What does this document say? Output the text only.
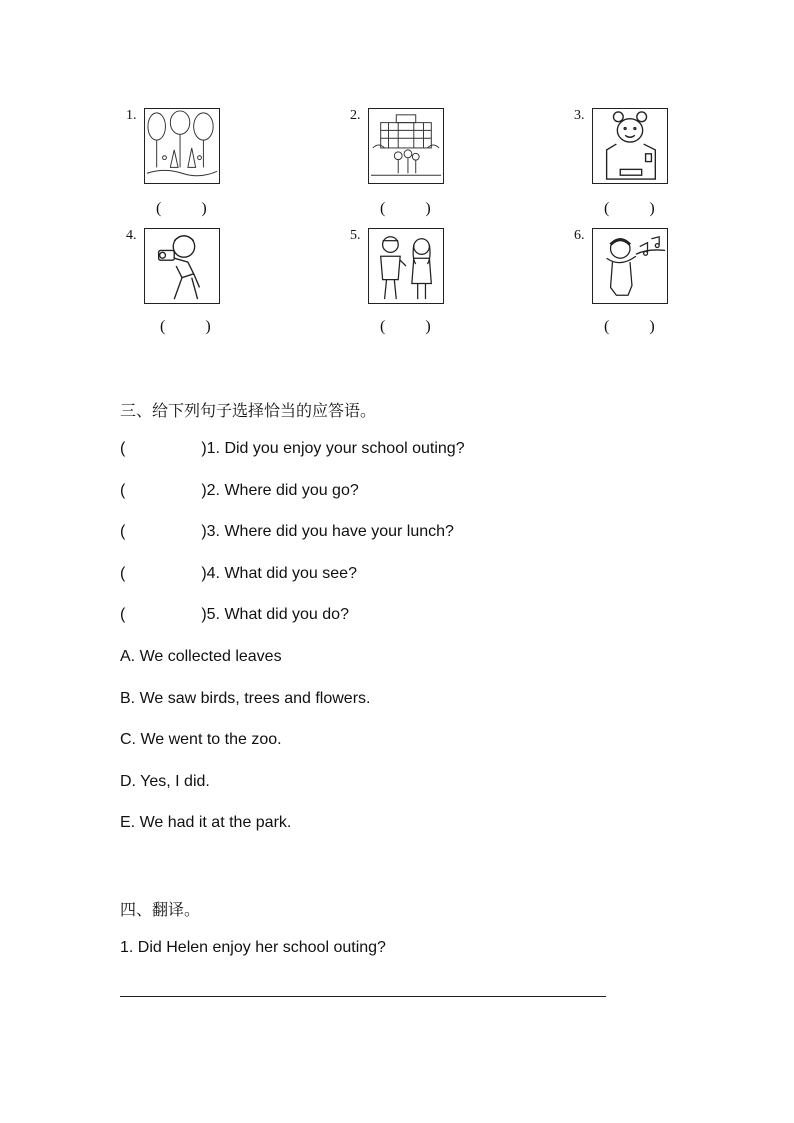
1.
(	)
2.
(	)
3.
(	)
4.
(	)
5.
(	)
6.
(	)
三、给下列句子选择恰当的应答语。
(	)1. Did you enjoy your school outing?
(	)2. Where did you go?
(	)3. Where did you have your lunch?
(	)4. What did you see?
(	)5. What did you do?
A. We collected leaves
B. We saw birds, trees and flowers.
C. We went to the zoo.
D. Yes, I did.
E. We had it at the park.
四、翻译。
1. Did Helen enjoy her school outing?
